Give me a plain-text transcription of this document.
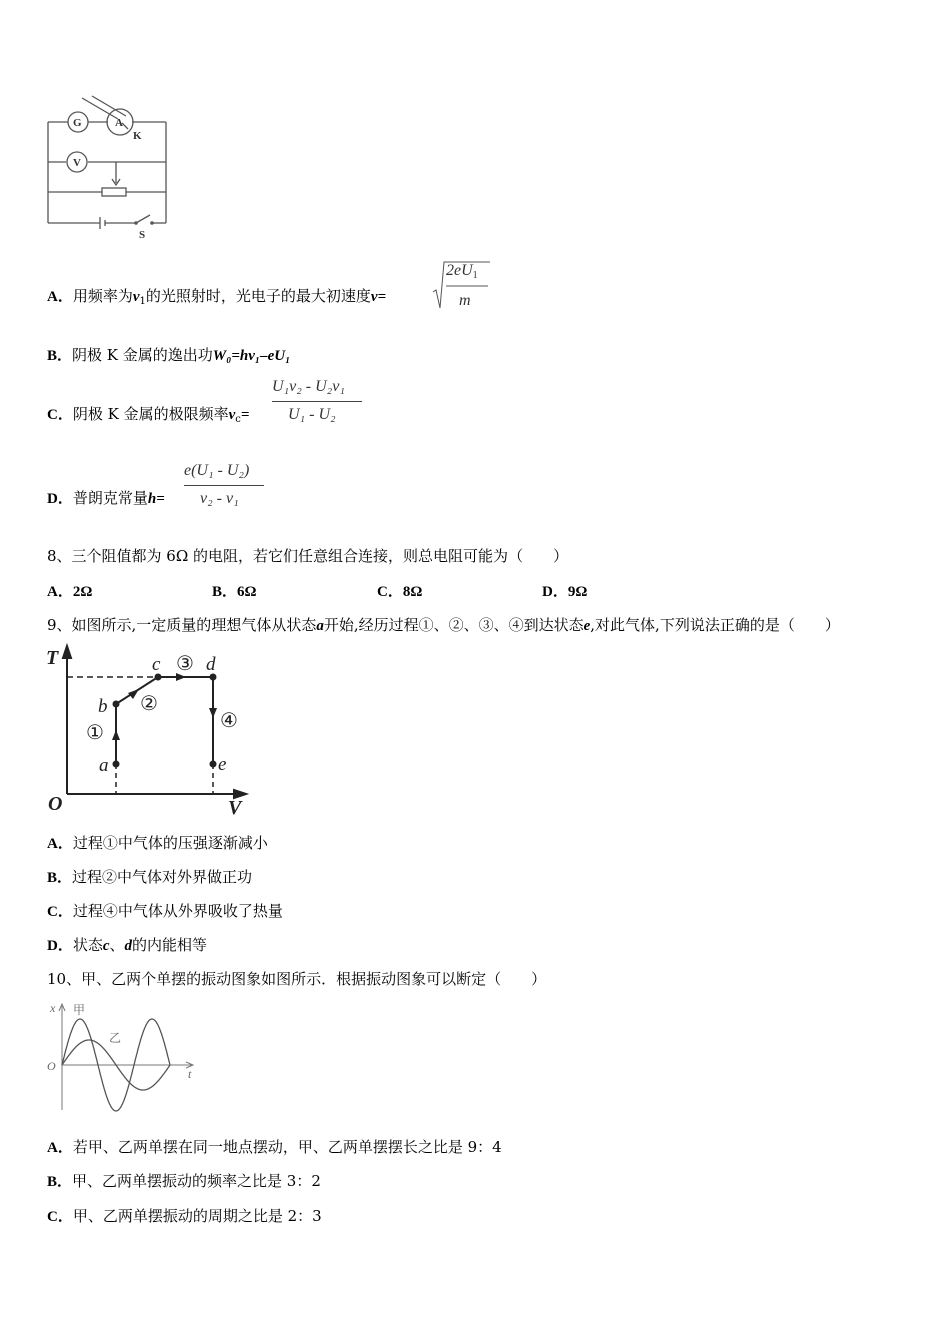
G	A
V
K
S
A．用频率为$\nu_1$的光照射时，光电子的最大初速度v=
$2eU_1$
m
B．阴极 K 金属的逸出功W₀=hν₁–eU₁
C．阴极 K 金属的极限频率$\nu_c=$
U₁ν₂ - U₂ν₁
U₁ - U₂
D．普朗克常量h=
e(U₁ - U₂)
ν₂ - ν₁
8、三个阻值都为 6Ω 的电阻，若它们任意组合连接，则总电阻可能为（　　）
A．2Ω	B．6Ω	C．8Ω	D．9Ω
9、如图所示,一定质量的理想气体从状态a开始,经历过程①、②、③、④到达状态e,对此气体,下列说法正确的是（　　）
T
V
O
a
b
c d
e
①
②
③
④
A．过程①中气体的压强逐渐减小
B．过程②中气体对外界做正功
C．过程④中气体从外界吸收了热量
D．状态c、d的内能相等
10、甲、乙两个单摆的振动图象如图所示．根据振动图象可以断定（　　）
x
t
O
甲
乙
A．若甲、乙两单摆在同一地点摆动，甲、乙两单摆摆长之比是 9：4
B．甲、乙两单摆振动的频率之比是 3：2
C．甲、乙两单摆振动的周期之比是 2：3
